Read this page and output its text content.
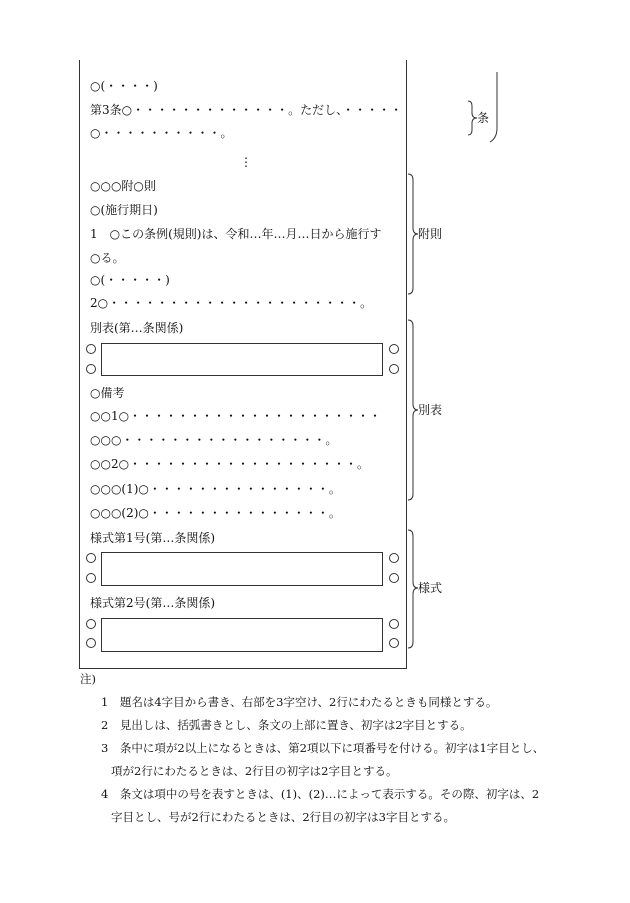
○(・・・・)
第3条○・・・・・・・・・・・・・。ただし、・・・・・
○・・・・・・・・・・。
⋮
○○○附○則
○(施行期日)
1　○この条例(規則)は、令和…年…月…日から施行す
○る。
○(・・・・・)
2○・・・・・・・・・・・・・・・・・・・・・。
別表(第…条関係)
○備考
○○1○・・・・・・・・・・・・・・・・・・・・・
○○○・・・・・・・・・・・・・・・・・。
○○2○・・・・・・・・・・・・・・・・・・・。
○○○(1)○・・・・・・・・・・・・・・・。
○○○(2)○・・・・・・・・・・・・・・・。
様式第1号(第…条関係)
様式第2号(第…条関係)
条
附則
別表
様式
注)
1　題名は4字目から書き、右部を3字空け、2行にわたるときも同様とする。
2　見出しは、括弧書きとし、条文の上部に置き、初字は2字目とする。
3　条中に項が2以上になるときは、第2項以下に項番号を付ける。初字は1字目とし、
項が2行にわたるときは、2行目の初字は2字目とする。
4　条文は項中の号を表すときは、(1)、(2)…によって表示する。その際、初字は、2
字目とし、号が2行にわたるときは、2行目の初字は3字目とする。
